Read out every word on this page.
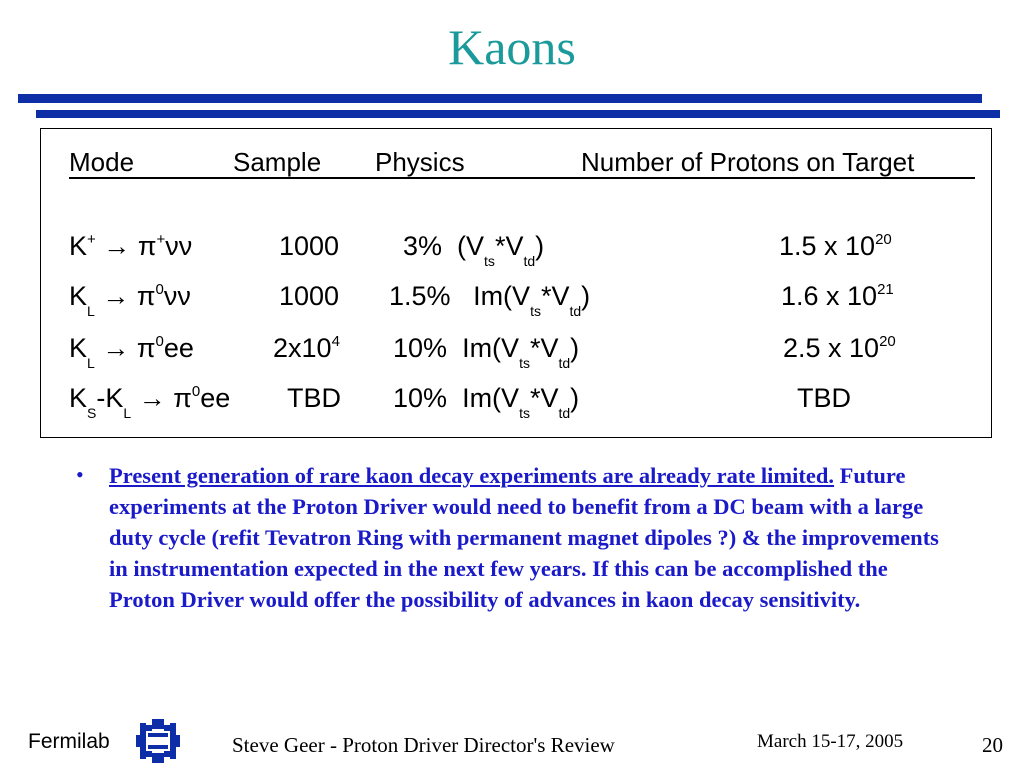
Kaons
Mode	Sample Physics	Number of Protons on Target
K+ → π+νν	1000 3% $(V_{ts}*V_{td})$	1.5 x $10^{20}$
$K_L \to \pi^0\nu\nu$	1000 1.5% $Im(V_{ts}*V_{td})$	1.6 x $10^{21}$
$K_L \to \pi^0ee$	$2x10^4$ 10% $Im(V_{ts}*V_{td})$	2.5 x $10^{20}$
$K_S-K_L \to \pi^0ee$ TBD 10% $Im(V_{ts}*V_{td})$	TBD
• Present generation of rare kaon decay experiments are already rate limited. Future experiments at the Proton Driver would need to benefit from a DC beam with a large duty cycle (refit Tevatron Ring with permanent magnet dipoles ?) & the improvements in instrumentation expected in the next few years. If this can be accomplished the Proton Driver would offer the possibility of advances in kaon decay sensitivity.
Fermilab	Steve Geer - Proton Driver Director's Review	March 15-17, 2005	20
